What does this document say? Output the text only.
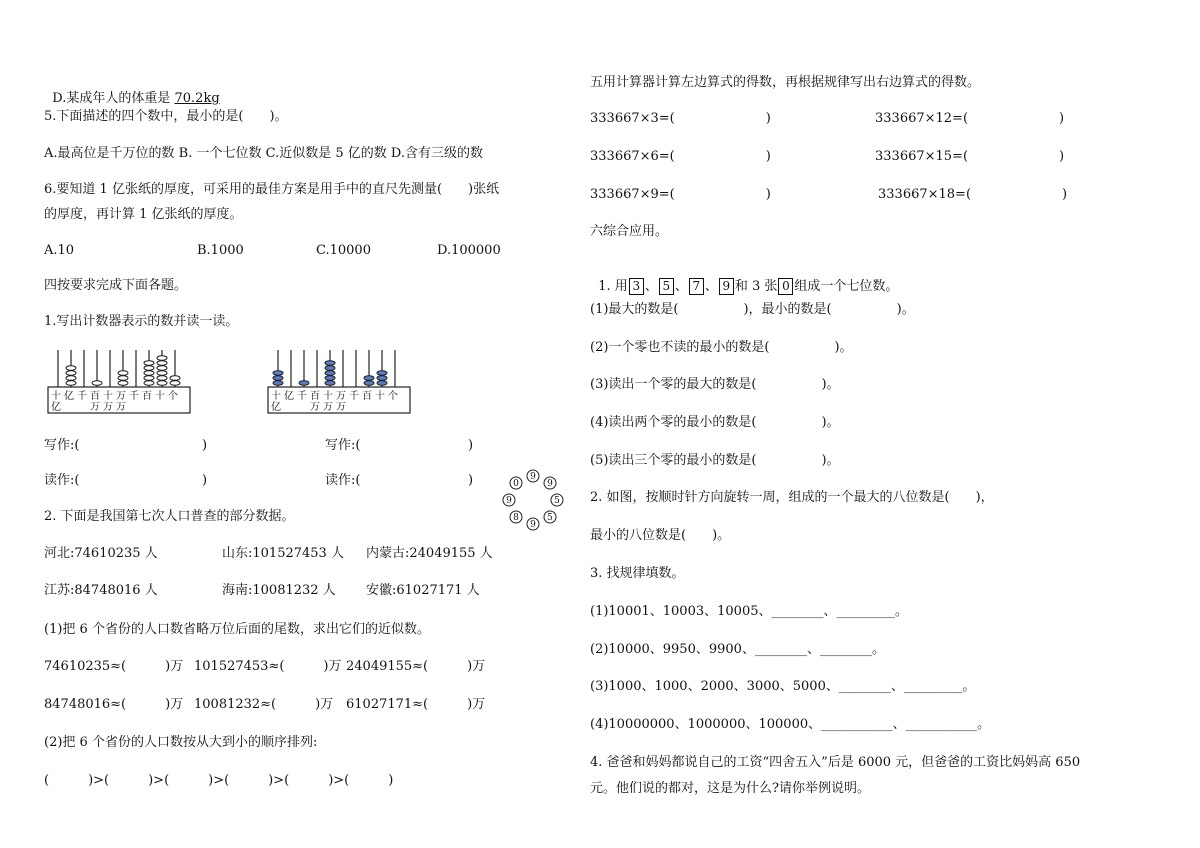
D.某成年人的体重是 70.2kg

5.下面描述的四个数中，最小的是(　　)。
A.最高位是千万位的数 B. 一个七位数 C.近似数是 5 亿的数 D.含有三级的数
6.要知道 1 亿张纸的厚度，可采用的最佳方案是用手中的直尺先测量(　　)张纸
的厚度，再计算 1 亿张纸的厚度。
A.10	B.1000	C.10000	D.100000
四按要求完成下面各题。
1.写出计数器表示的数并读一读。
十 亿 千 百 十 万 千 百 十 个
亿	万 万 万
十 亿 千 百 十 万 千 百 十 个
亿	万 万 万
写作:(	)	写作:(	)
读作:(	)	读作:(	)	9
9
5
5
9
8
9
0
2. 下面是我国第七次人口普查的部分数据。
河北:74610235 人	山东:101527453 人 内蒙古:24049155 人
江苏:84748016 人	海南:10081232 人 安徽:61027171 人
(1)把 6 个省份的人口数省略万位后面的尾数，求出它们的近似数。
74610235≈(　　　)万 101527453≈(　　　)万 24049155≈(　　　)万
84748016≈(　　　)万 10081232≈(　　　)万 61027171≈(　　　)万
(2)把 6 个省份的人口数按从大到小的顺序排列:
(　　　)>(　　　)>(　　　)>(　　　)>(　　　)>(　　　)
五用计算器计算左边算式的得数，再根据规律写出右边算式的得数。
333667×3=(　　　　　　　)	333667×12=(　　　　　　　)
333667×6=(　　　　　　　)	333667×15=(　　　　　　　)
333667×9=(　　　　　　　)	333667×18=(　　　　　　　)
六综合应用。

1. 用 3 、 5 、 7 、 9 和 3 张 0 组成一个七位数。

(1)最大的数是(　　　　　)，最小的数是(　　　　　)。
(2)一个零也不读的最小的数是(　　　　　)。
(3)读出一个零的最大的数是(　　　　　)。
(4)读出两个零的最小的数是(　　　　　)。
(5)读出三个零的最小的数是(　　　　　)。
2. 如图，按顺时针方向旋转一周，组成的一个最大的八位数是(　　)，
最小的八位数是(　　)。
3. 找规律填数。
(1)10001、10003、10005、________、_________。
(2)10000、9950、9900、________、________。
(3)1000、1000、2000、3000、5000、________、_________。
(4)10000000、1000000、100000、___________、___________。
4. 爸爸和妈妈都说自己的工资“四舍五入”后是 6000 元，但爸爸的工资比妈妈高 650
元。他们说的都对，这是为什么?请你举例说明。
